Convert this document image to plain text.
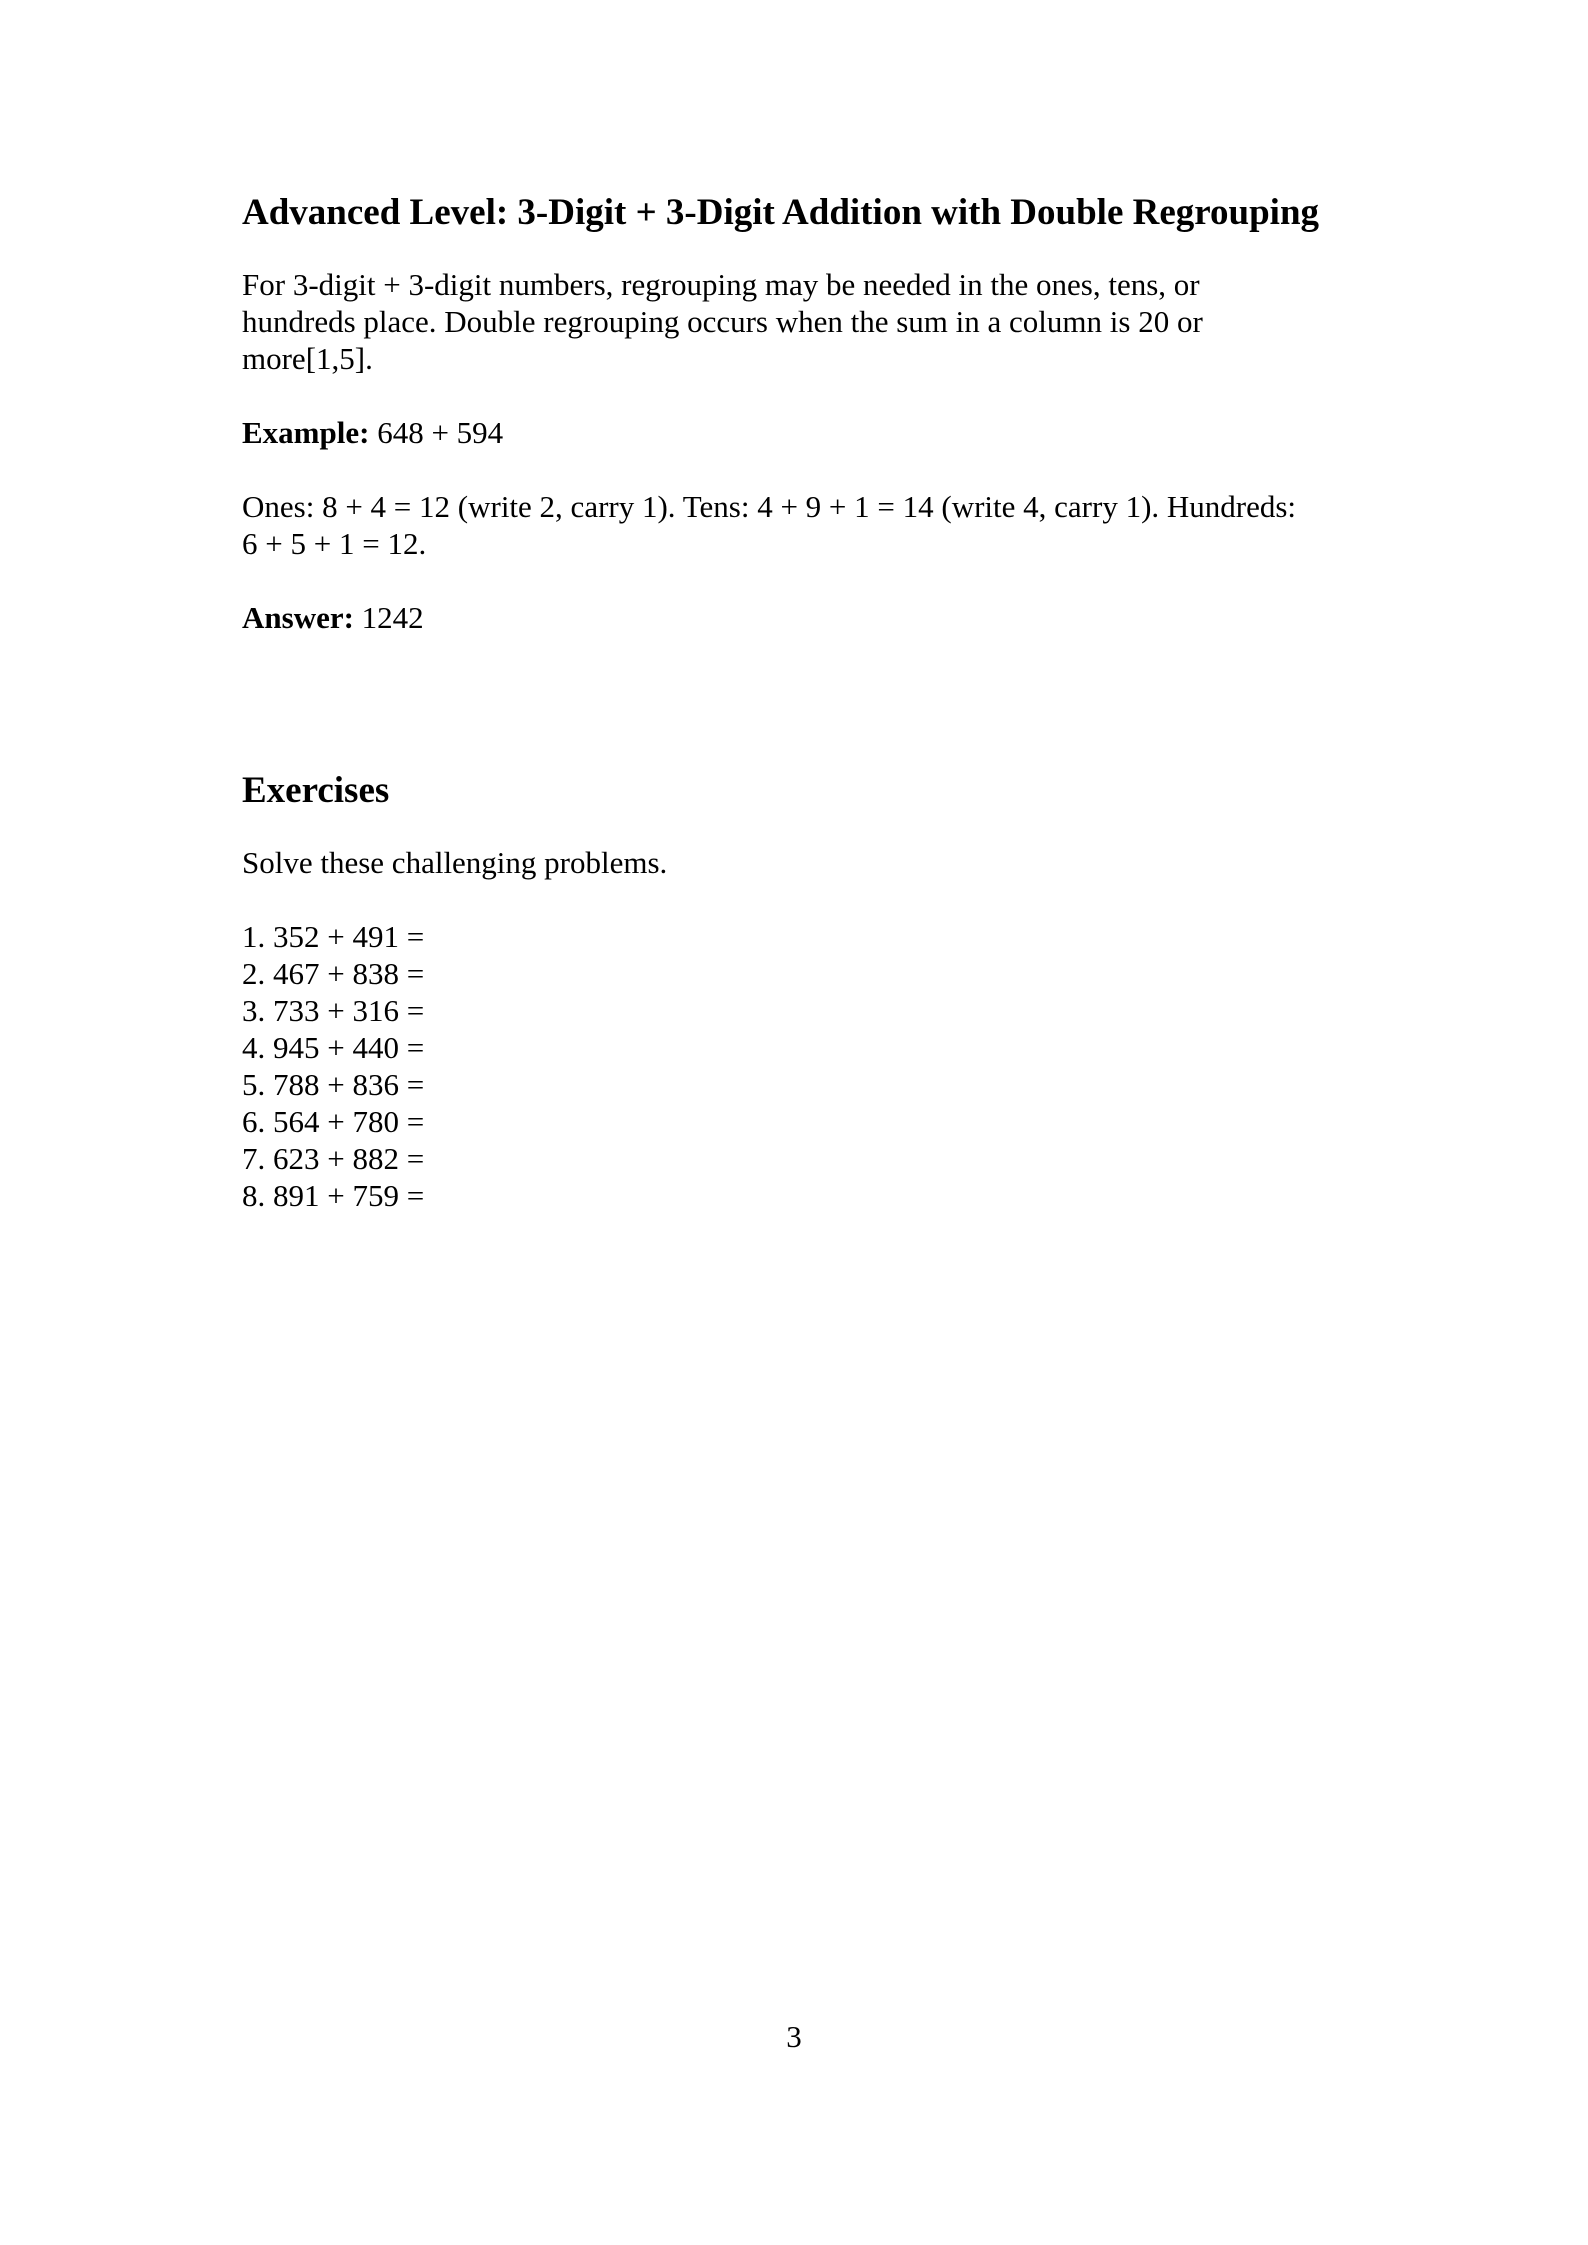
Advanced Level: 3-Digit + 3-Digit Addition with Double Regrouping

For 3-digit + 3-digit numbers, regrouping may be needed in the ones, tens, or
hundreds place. Double regrouping occurs when the sum in a column is 20 or
more[1,5].

Example: 648 + 594

Ones: 8 + 4 = 12 (write 2, carry 1). Tens: 4 + 9 + 1 = 14 (write 4, carry 1). Hundreds:
6 + 5 + 1 = 12.

Answer: 1242

Exercises

Solve these challenging problems.

1. 352 + 491 =
2. 467 + 838 =
3. 733 + 316 =
4. 945 + 440 =
5. 788 + 836 =
6. 564 + 780 =
7. 623 + 882 =
8. 891 + 759 =
3
